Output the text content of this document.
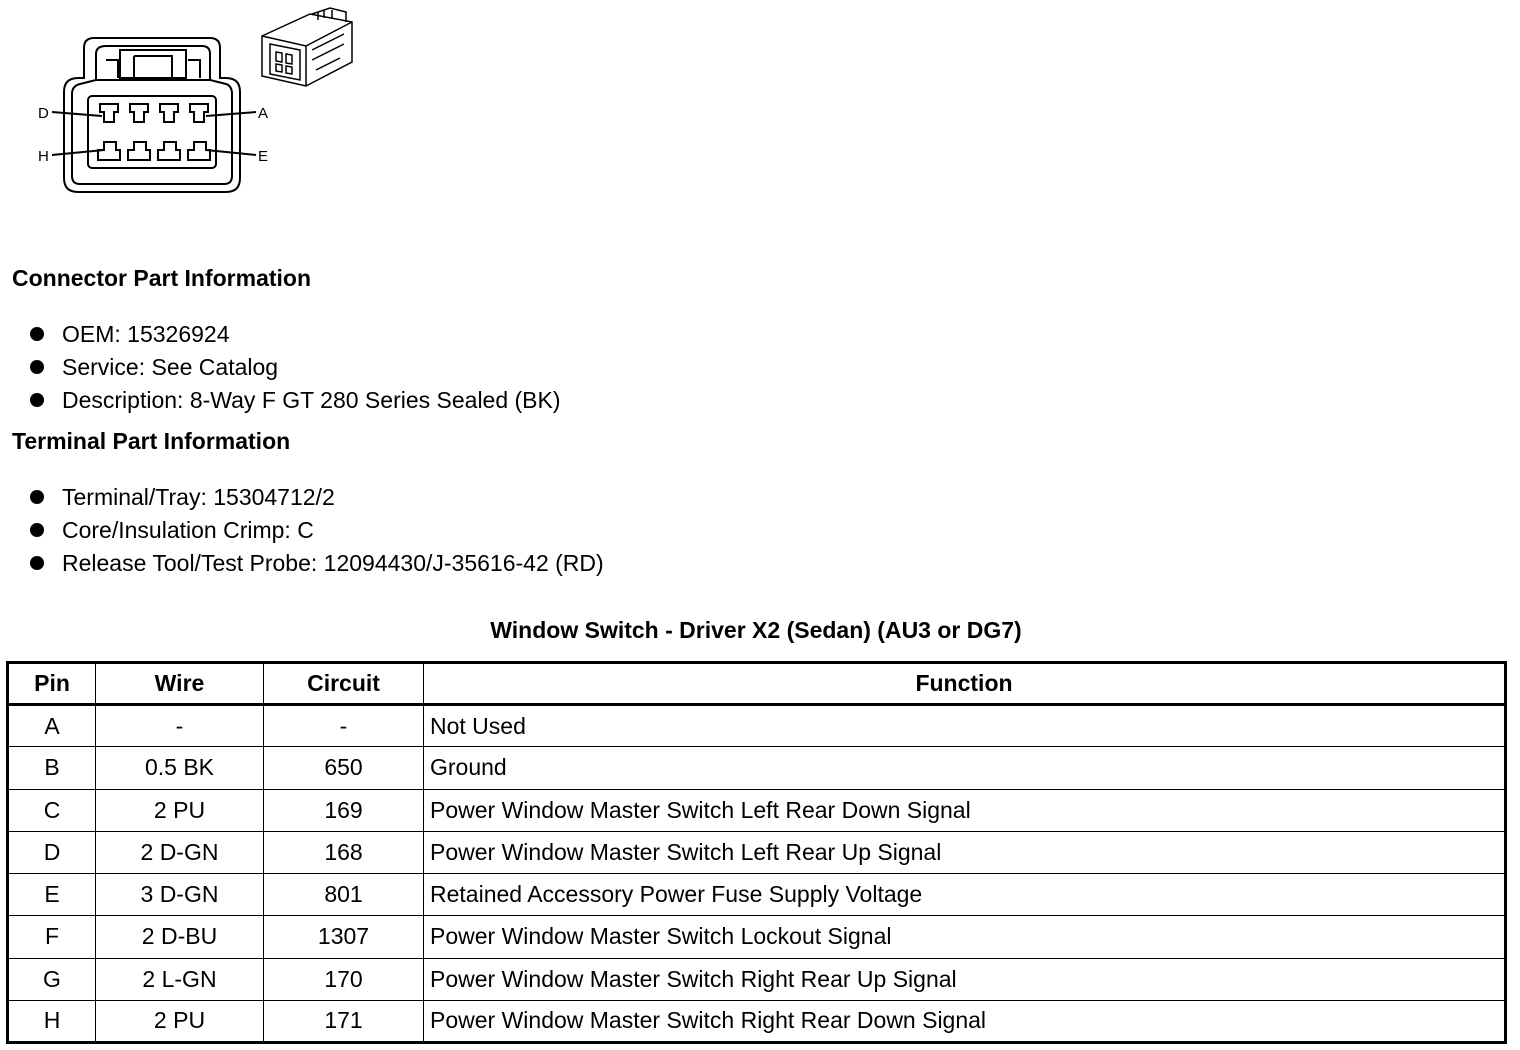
D	A
H	E
Connector Part Information
OEM: 15326924
Service: See Catalog
Description: 8-Way F GT 280 Series Sealed (BK)
Terminal Part Information
Terminal/Tray: 15304712/2
Core/Insulation Crimp: C
Release Tool/Test Probe: 12094430/J-35616-42 (RD)
Window Switch - Driver X2 (Sedan) (AU3 or DG7)
Pin	Wire	Circuit	Function
A	-	-	Not Used
B	0.5 BK	650	Ground
C	2 PU	169	Power Window Master Switch Left Rear Down Signal
D	2 D-GN	168	Power Window Master Switch Left Rear Up Signal
E	3 D-GN	801	Retained Accessory Power Fuse Supply Voltage
F	2 D-BU	1307	Power Window Master Switch Lockout Signal
G	2 L-GN	170	Power Window Master Switch Right Rear Up Signal
H	2 PU	171	Power Window Master Switch Right Rear Down Signal
